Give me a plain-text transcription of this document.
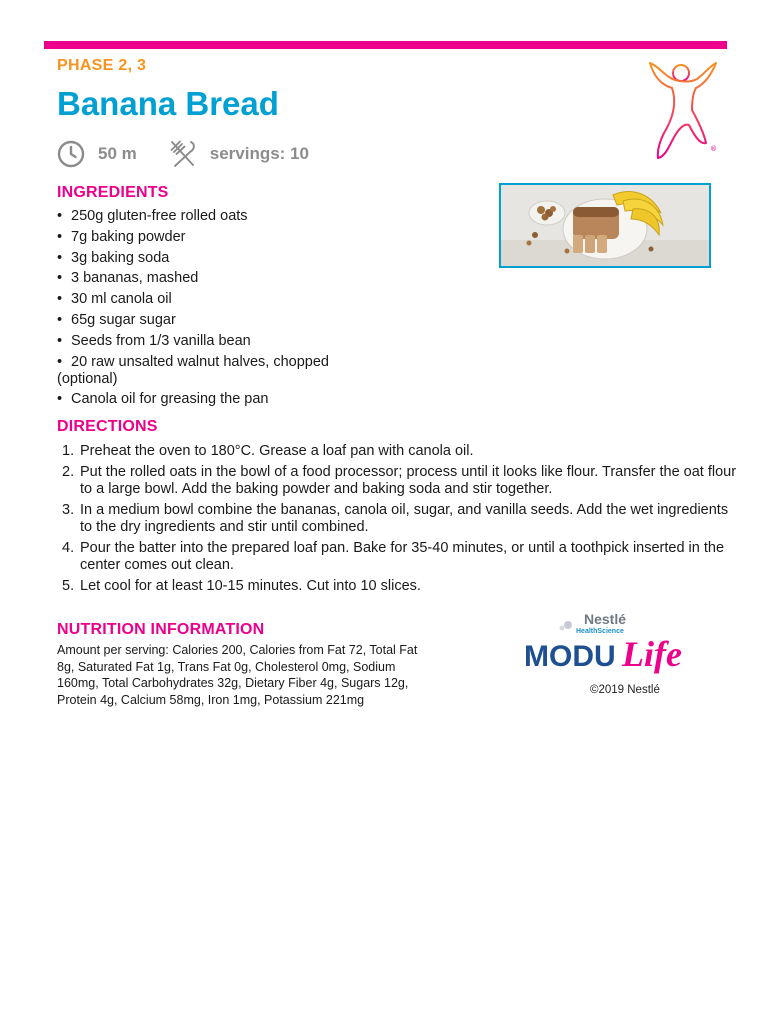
PHASE 2, 3
Banana Bread
50 m	servings: 10	®
INGREDIENTS
• 250g gluten-free rolled oats
• 7g baking powder
• 3g baking soda
• 3 bananas, mashed
• 30 ml canola oil
• 65g sugar sugar
• Seeds from 1/3 vanilla bean
• 20 raw unsalted walnut halves, chopped
(optional)
• Canola oil for greasing the pan
DIRECTIONS
1. Preheat the oven to 180°C. Grease a loaf pan with canola oil.
2. Put the rolled oats in the bowl of a food processor; process until it looks like flour. Transfer the oat flour to a large bowl. Add the baking powder and baking soda and stir together.
3. In a medium bowl combine the bananas, canola oil, sugar, and vanilla seeds. Add the wet ingredients to the dry ingredients and stir until combined.
4. Pour the batter into the prepared loaf pan. Bake for 35-40 minutes, or until a toothpick inserted in the center comes out clean.
5. Let cool for at least 10-15 minutes. Cut into 10 slices.
NUTRITION INFORMATION

Amount per serving: Calories 200, Calories from Fat 72, Total Fat 8g, Saturated Fat 1g, Trans Fat 0g, Cholesterol 0mg, Sodium 160mg, Total Carbohydrates 32g, Dietary Fiber 4g, Sugars 12g, Protein 4g, Calcium 58mg, Iron 1mg, Potassium 221mg

Nestlé
HealthScience
MODU Life
©2019 Nestlé
